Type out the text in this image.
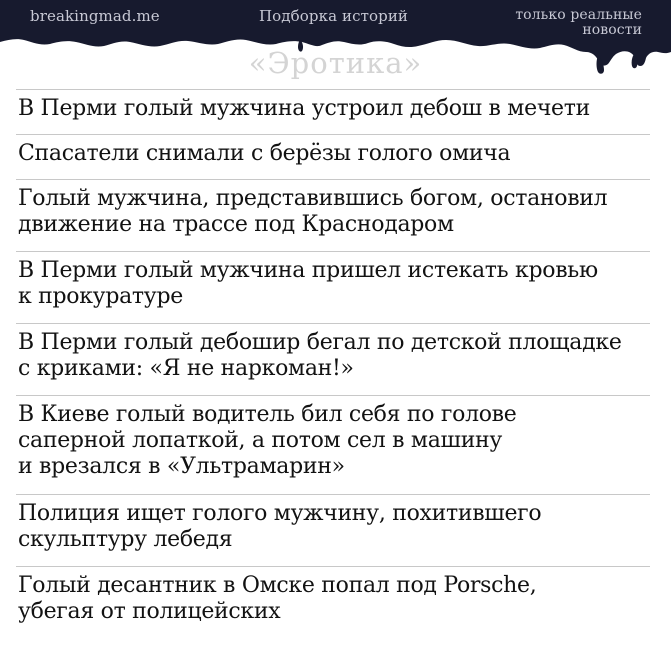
breakingmad.me	Подборка историй	только реальные
новости
«Эротика»
В Перми голый мужчина устроил дебош в мечети
Спасатели снимали с берёзы голого омича
Голый мужчина, представившись богом, остановил
движение на трассе под Краснодаром
В Перми голый мужчина пришел истекать кровью
к прокуратуре
В Перми голый дебошир бегал по детской площадке
с криками: «Я не наркоман!»
В Киеве голый водитель бил себя по голове
саперной лопаткой, а потом сел в машину
и врезался в «Ультрамарин»
Полиция ищет голого мужчину, похитившего
скульптуру лебедя
Голый десантник в Омске попал под Porsche,
убегая от полицейских
